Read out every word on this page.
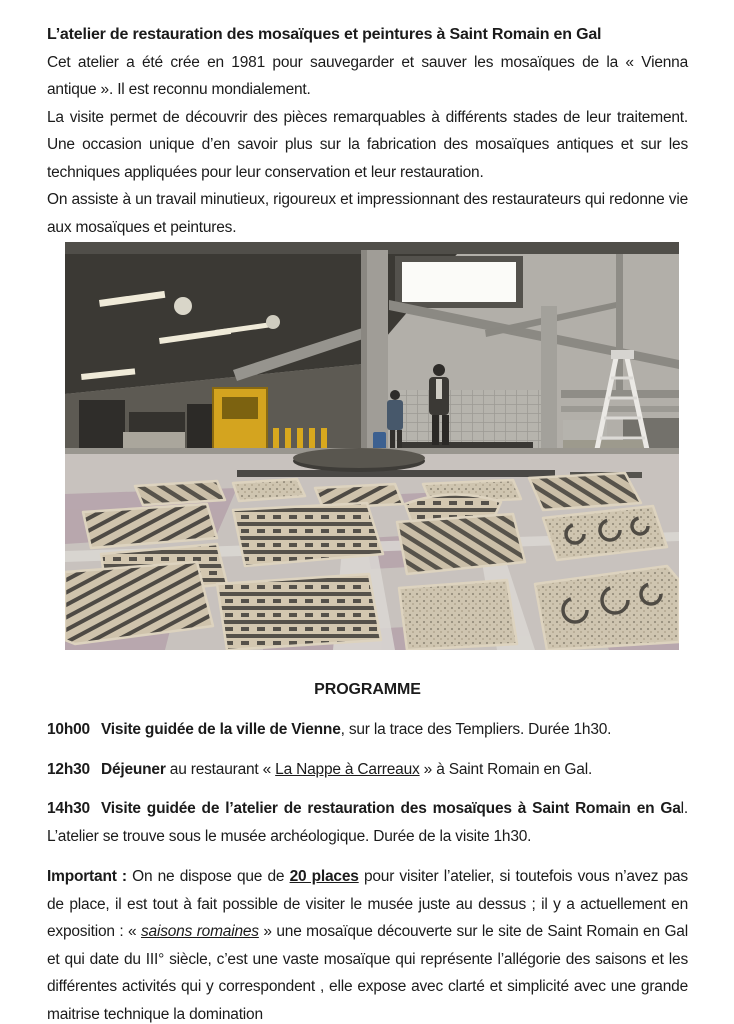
L’atelier de restauration des mosaïques et peintures à Saint Romain en Gal

Cet atelier a été crée en 1981 pour sauvegarder et sauver les mosaïques de la « Vienna antique ». Il est reconnu mondialement.

La visite permet de découvrir des pièces remarquables à différents stades de leur traitement. Une occasion unique d’en savoir plus sur la fabrication des mosaïques antiques et sur les techniques appliquées pour leur conservation et leur restauration.

On assiste à un travail minutieux, rigoureux et impressionnant des restaurateurs qui redonne vie aux mosaïques et peintures.

PROGRAMME

10h00 Visite guidée de la ville de Vienne, sur la trace des Templiers. Durée 1h30.

12h30 Déjeuner au restaurant « La Nappe à Carreaux » à Saint Romain en Gal.

14h30 Visite guidée de l’atelier de restauration des mosaïques à Saint Romain en Gal. L’atelier se trouve sous le musée archéologique. Durée de la visite 1h30.

Important : On ne dispose que de 20 places pour visiter l’atelier, si toutefois vous n’avez pas de place, il est tout à fait possible de visiter le musée juste au dessus ; il y a actuellement en exposition : « saisons romaines » une mosaïque découverte sur le site de Saint Romain en Gal et qui date du III° siècle, c’est une vaste mosaïque qui représente l’allégorie des saisons et les différentes activités qui y correspondent , elle expose avec clarté et simplicité avec une grande maitrise technique la domination
